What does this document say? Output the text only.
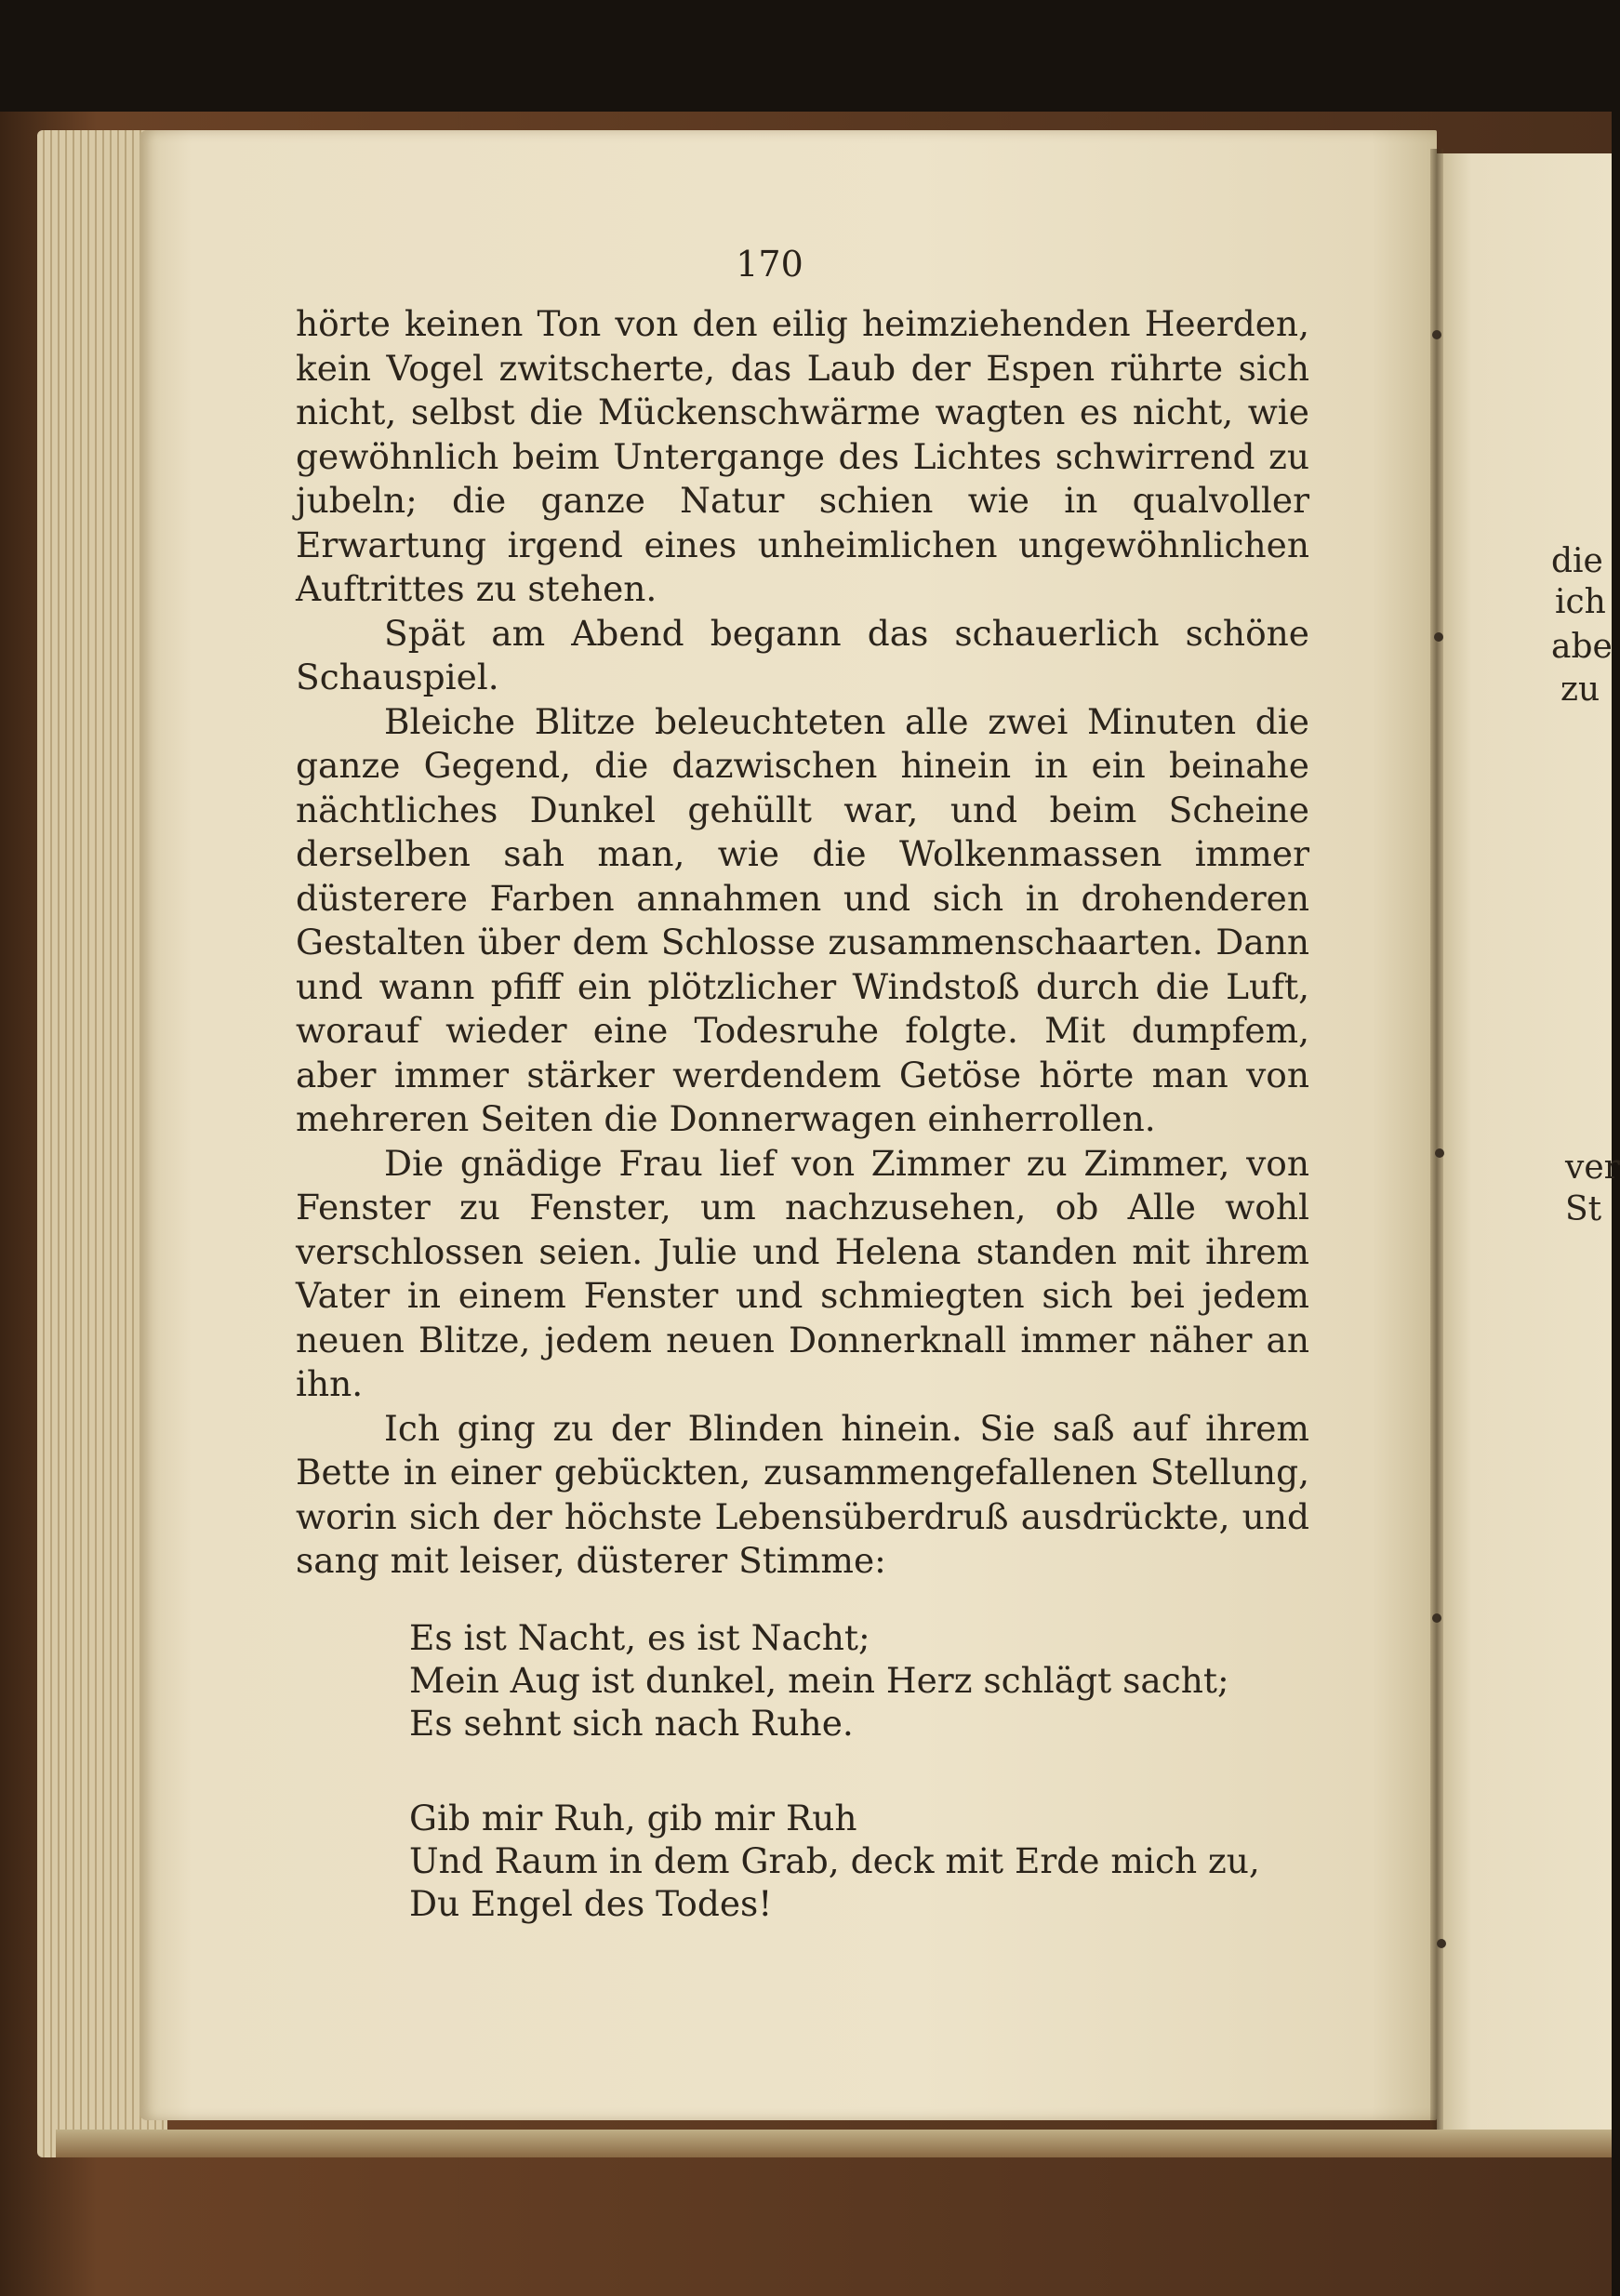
170

hörte keinen Ton von den eilig heimziehenden Heerden, kein Vogel zwitscherte, das Laub der Espen rührte sich nicht, selbst die Mückenschwärme wagten es nicht, wie gewöhnlich beim Untergange des Lichtes schwirrend zu jubeln; die ganze Natur schien wie in qualvoller Erwartung irgend eines unheimlichen ungewöhnlichen Auftrittes zu stehen.

Spät am Abend begann das schauerlich schöne Schauspiel.

Bleiche Blitze beleuchteten alle zwei Minuten die ganze Gegend, die dazwischen hinein in ein beinahe nächtliches Dunkel gehüllt war, und beim Scheine derselben sah man, wie die Wolkenmassen immer düsterere Farben annahmen und sich in drohenderen Gestalten über dem Schlosse zusammenschaarten. Dann und wann pfiff ein plötzlicher Windstoß durch die Luft, worauf wieder eine Todesruhe folgte. Mit dumpfem, aber immer stärker werdendem Getöse hörte man von mehreren Seiten die Donnerwagen einherrollen.

Die gnädige Frau lief von Zimmer zu Zimmer, von Fenster zu Fenster, um nachzusehen, ob Alle wohl verschlossen seien. Julie und Helena standen mit ihrem Vater in einem Fenster und schmiegten sich bei jedem neuen Blitze, jedem neuen Donnerknall immer näher an ihn.

Ich ging zu der Blinden hinein. Sie saß auf ihrem Bette in einer gebückten, zusammengefallenen Stellung, worin sich der höchste Lebensüberdruß ausdrückte, und sang mit leiser, düsterer Stimme:

Es ist Nacht, es ist Nacht;
Mein Aug ist dunkel, mein Herz schlägt sacht;
Es sehnt sich nach Ruhe.
Gib mir Ruh, gib mir Ruh
Und Raum in dem Grab, deck mit Erde mich zu,
Du Engel des Todes!
die
ich
abe
zu
ver
St
